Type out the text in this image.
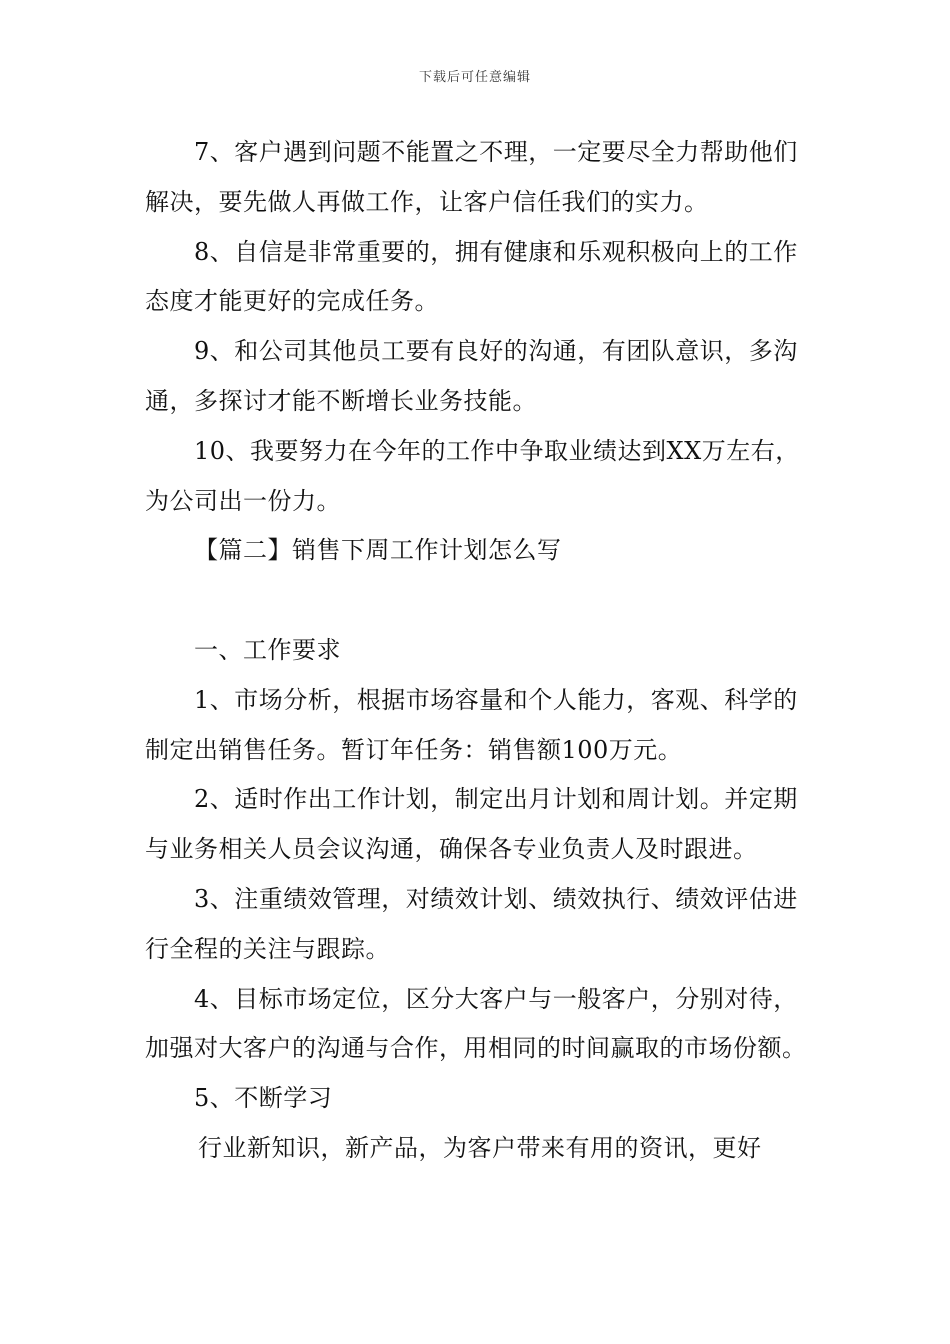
下载后可任意编辑

7、客户遇到问题不能置之不理，一定要尽全力帮助他们解决，要先做人再做工作，让客户信任我们的实力。

8、自信是非常重要的，拥有健康和乐观积极向上的工作态度才能更好的完成任务。

9、和公司其他员工要有良好的沟通，有团队意识，多沟通，多探讨才能不断增长业务技能。

10、我要努力在今年的工作中争取业绩达到XX万左右，为公司出一份力。

【篇二】销售下周工作计划怎么写

一、工作要求

1、市场分析，根据市场容量和个人能力，客观、科学的制定出销售任务。暂订年任务：销售额100万元。

2、适时作出工作计划，制定出月计划和周计划。并定期与业务相关人员会议沟通，确保各专业负责人及时跟进。

3、注重绩效管理，对绩效计划、绩效执行、绩效评估进行全程的关注与跟踪。

4、目标市场定位，区分大客户与一般客户，分别对待，加强对大客户的沟通与合作，用相同的时间赢取的市场份额。

5、不断学习

行业新知识，新产品，为客户带来有用的资讯，更好
